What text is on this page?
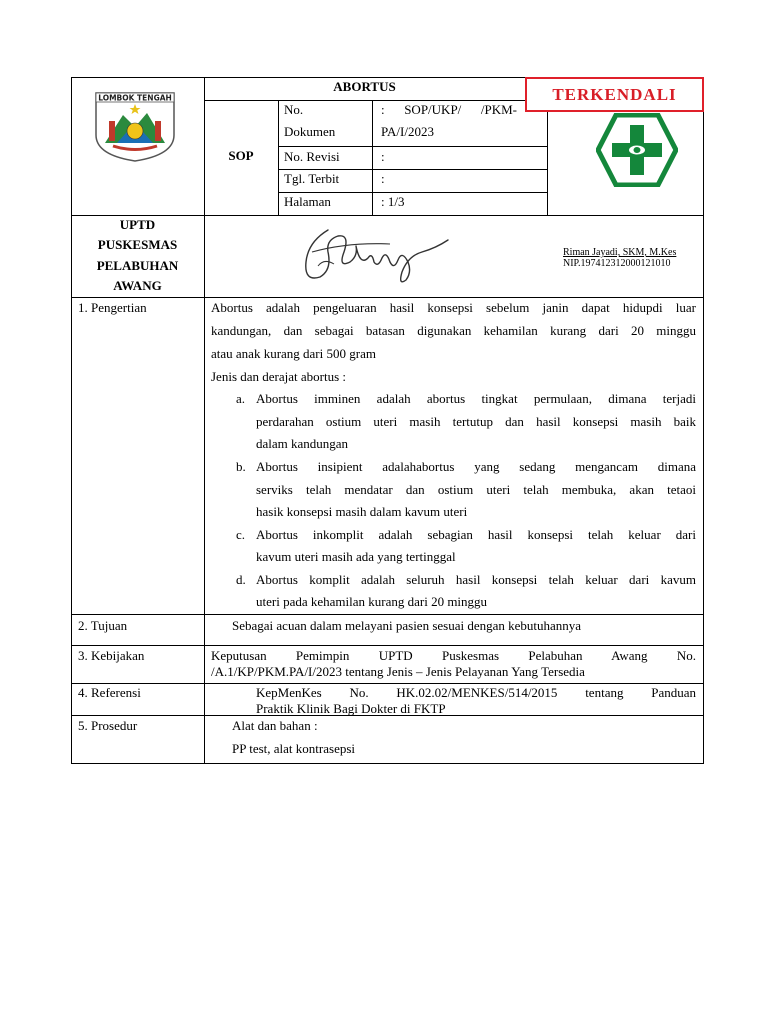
LOMBOK TENGAH
ABORTUS	TERKENDALI
SOP
No.
Dokumen
: SOP/UKP/ /PKM-
PA/I/2023
No. Revisi	:
Tgl. Terbit	:
Halaman	: 1/3
UPTD
PUSKESMAS
PELABUHAN
AWANG
Riman Jayadi, SKM, M.Kes
NIP.197412312000121010
1. Pengertian	Abortus adalah pengeluaran hasil konsepsi sebelum janin dapat hidupdi luar
kandungan, dan sebagai batasan digunakan kehamilan kurang dari 20 minggu
atau anak kurang dari 500 gram
Jenis dan derajat abortus :
a. Abortus imminen adalah abortus tingkat permulaan, dimana terjadi
perdarahan ostium uteri masih tertutup dan hasil konsepsi masih baik
dalam kandungan
b. Abortus insipient adalahabortus yang sedang mengancam dimana
serviks telah mendatar dan ostium uteri telah membuka, akan tetaoi
hasik konsepsi masih dalam kavum uteri
c. Abortus inkomplit adalah sebagian hasil konsepsi telah keluar dari
kavum uteri masih ada yang tertinggal
d. Abortus komplit adalah seluruh hasil konsepsi telah keluar dari kavum
uteri pada kehamilan kurang dari 20 minggu
2. Tujuan	Sebagai acuan dalam melayani pasien sesuai dengan kebutuhannya
3. Kebijakan	Keputusan Pemimpin UPTD Puskesmas Pelabuhan Awang No.
/A.1/KP/PKM.PA/I/2023 tentang Jenis – Jenis Pelayanan Yang Tersedia
4. Referensi	KepMenKes No. HK.02.02/MENKES/514/2015 tentang Panduan
Praktik Klinik Bagi Dokter di FKTP
5. Prosedur	Alat dan bahan :
PP test, alat kontrasepsi
